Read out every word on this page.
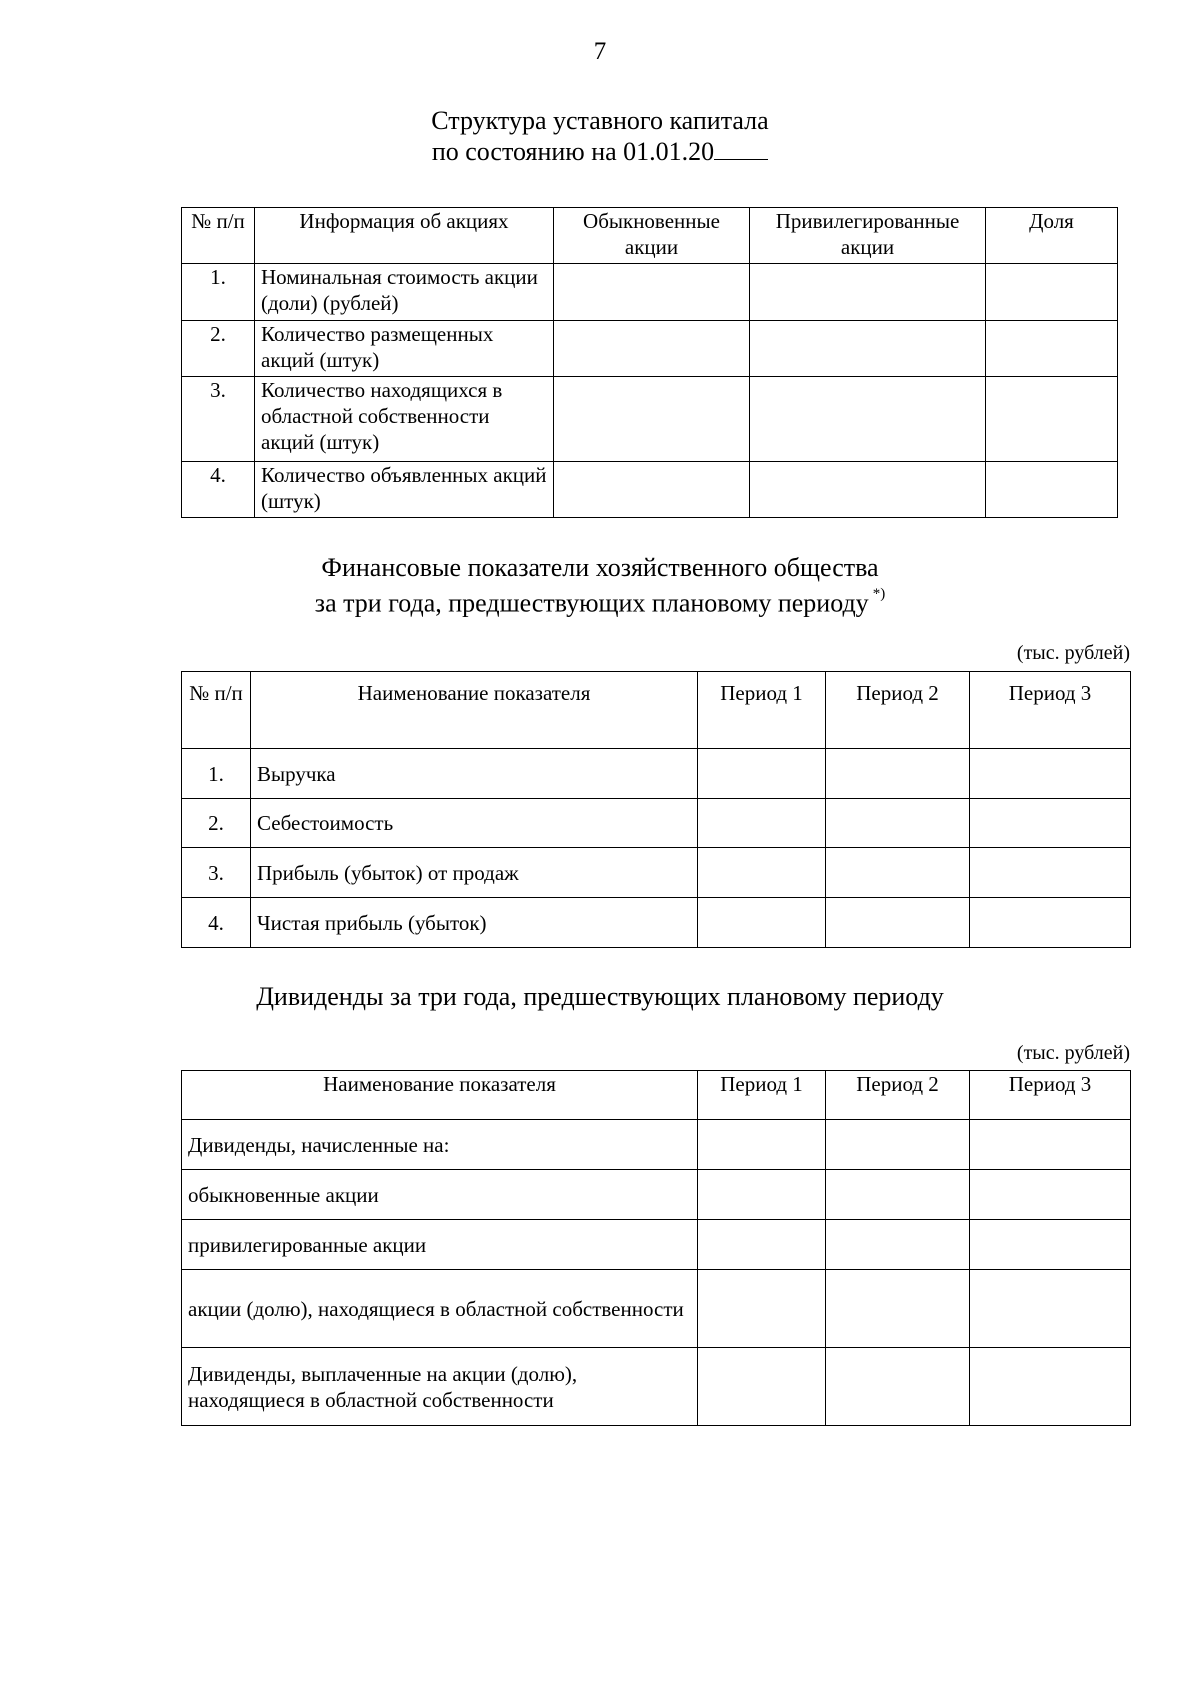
7
Структура уставного капитала
по состоянию на 01.01.20
№ п/п	Информация об акциях	Обыкновенные акции	Привилегированные акции	Доля
1.	Номинальная стоимость акции (доли) (рублей)			
2.	Количество размещенных акций (штук)			
3.	Количество находящихся в областной собственности акций (штук)			
4.	Количество объявленных акций (штук)			
Финансовые показатели хозяйственного общества
за три года, предшествующих плановому периоду *)
(тыс. рублей)
№ п/п	Наименование показателя	Период 1	Период 2	Период 3
1.	Выручка			
2.	Себестоимость			
3.	Прибыль (убыток) от продаж			
4.	Чистая прибыль (убыток)			
Дивиденды за три года, предшествующих плановому периоду
(тыс. рублей)
Наименование показателя	Период 1	Период 2	Период 3
Дивиденды, начисленные на:			
обыкновенные акции			
привилегированные акции			
акции (долю), находящиеся в областной собственности			
Дивиденды, выплаченные на акции (долю), находящиеся в областной собственности			
